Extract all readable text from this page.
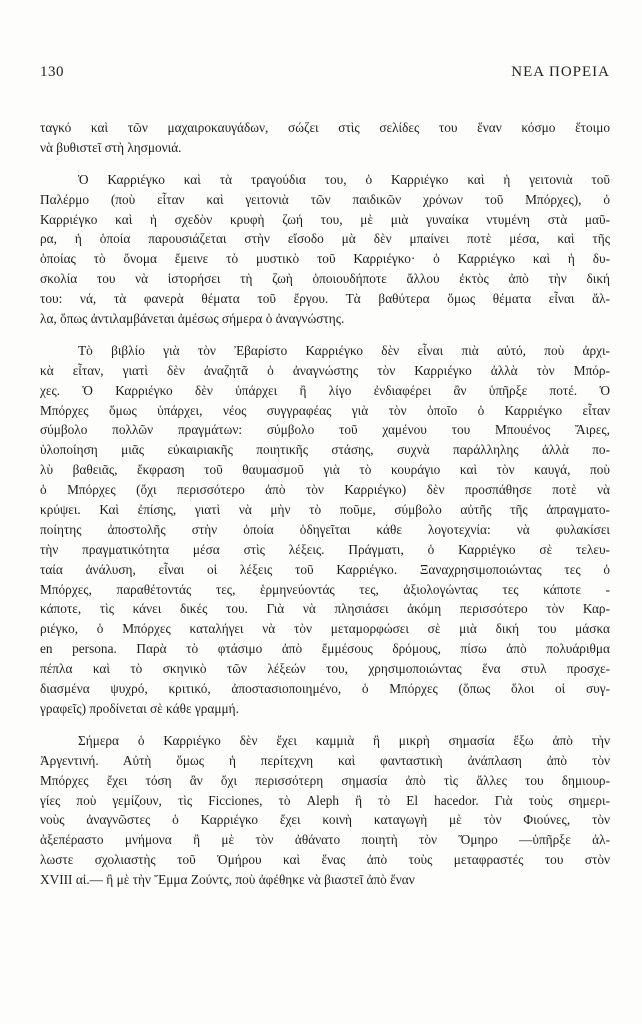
130	ΝΕΑ ΠΟΡΕΙΑ
ταγκό καὶ τῶν μαχαιροκαυγάδων, σώζει στὶς σελίδες του ἕναν κόσμο ἕτοιμο
νὰ βυθιστεῖ στὴ λησμονιά.
Ὁ Καρριέγκο καὶ τὰ τραγούδια του, ὁ Καρριέγκο καὶ ἡ γειτονιὰ τοῦ
Παλέρμο (ποὺ εἶταν καὶ γειτονιὰ τῶν παιδικῶν χρόνων τοῦ Μπόρχες), ὁ
Καρριέγκο καὶ ἡ σχεδὸν κρυφὴ ζωή του, μὲ μιὰ γυναίκα ντυμένη στὰ μαῦ-
ρα, ἡ ὁποία παρουσιάζεται στὴν εἴσοδο μὰ δὲν μπαίνει ποτὲ μέσα, καὶ τῆς
ὁποίας τὸ ὄνομα ἔμεινε τὸ μυστικὸ τοῦ Καρριέγκο· ὁ Καρριέγκο καὶ ἡ δυ-
σκολία του νὰ ἱστορήσει τὴ ζωὴ ὁποιουδήποτε ἄλλου ἐκτὸς ἀπὸ τὴν δική
του: νά, τὰ φανερὰ θέματα τοῦ ἔργου. Τὰ βαθύτερα ὅμως θέματα εἶναι ἄλ-
λα, ὅπως ἀντιλαμβάνεται ἀμέσως σήμερα ὁ ἀναγνώστης.
Τὸ βιβλίο γιὰ τὸν Ἐβαρίστο Καρριέγκο δὲν εἶναι πιὰ αὐτό, ποὺ ἀρχι-
κὰ εἶταν, γιατὶ δὲν ἀναζητᾶ ὁ ἀναγνώστης τὸν Καρριέγκο ἀλλὰ τὸν Μπόρ-
χες. Ὁ Καρριέγκο δὲν ὑπάρχει ἢ λίγο ἐνδιαφέρει ἂν ὑπῆρξε ποτέ. Ὁ
Μπόρχες ὅμως ὑπάρχει, νέος συγγραφέας γιὰ τὸν ὁποῖο ὁ Καρριέγκο εἶταν
σύμβολο πολλῶν πραγμάτων: σύμβολο τοῦ χαμένου του Μπουένος Ἄιρες,
ὑλοποίηση μιᾶς εὐκαιριακῆς ποιητικῆς στάσης, συχνὰ παράλληλης ἀλλὰ πο-
λὺ βαθειᾶς, ἔκφραση τοῦ θαυμασμοῦ γιὰ τὸ κουράγιο καὶ τὸν καυγά, ποὺ
ὁ Μπόρχες (ὄχι περισσότερο ἀπὸ τὸν Καρριέγκο) δὲν προσπάθησε ποτὲ νὰ
κρύψει. Καὶ ἐπίσης, γιατὶ νὰ μὴν τὸ ποῦμε, σύμβολο αὐτῆς τῆς ἀπραγματο-
ποίητης ἀποστολῆς στὴν ὁποία ὁδηγεῖται κάθε λογοτεχνία: νὰ φυλακίσει
τὴν πραγματικότητα μέσα στὶς λέξεις. Πράγματι, ὁ Καρριέγκο σὲ τελευ-
ταία ἀνάλυση, εἶναι οἱ λέξεις τοῦ Καρριέγκο. Ξαναχρησιμοποιώντας τες ὁ
Μπόρχες, παραθέτοντάς τες, ἑρμηνεύοντάς τες, ἀξιολογώντας τες κάποτε -
κάποτε, τὶς κάνει δικές του. Γιὰ νὰ πλησιάσει ἀκόμη περισσότερο τὸν Καρ-
ριέγκο, ὁ Μπόρχες καταλήγει νὰ τὸν μεταμορφώσει σὲ μιὰ δική του μάσκα
en persona. Παρὰ τὸ φτάσιμο ἀπὸ ἔμμέσους δρόμους, πίσω ἀπὸ πολυάριθμα
πέπλα καὶ τὸ σκηνικὸ τῶν λέξεών του, χρησιμοποιώντας ἕνα στυλ προσχε-
διασμένα ψυχρό, κριτικό, ἀποστασιοποιημένο, ὁ Μπόρχες (ὅπως ὅλοι οἱ συγ-
γραφεῖς) προδίνεται σὲ κάθε γραμμή.
Σήμερα ὁ Καρριέγκο δὲν ἔχει καμμιὰ ἢ μικρὴ σημασία ἔξω ἀπὸ τὴν
Ἀργεντινή. Αὐτὴ ὅμως ἡ περίτεχνη καὶ φανταστικὴ ἀνάπλαση ἀπὸ τὸν
Μπόρχες ἔχει τόση ἂν ὄχι περισσότερη σημασία ἀπὸ τὶς ἄλλες του δημιουρ-
γίες ποὺ γεμίζουν, τὶς Ficciones, τὸ Aleph ἢ τὸ El hacedor. Γιὰ τοὺς σημερι-
νοὺς ἀναγνῶστες ὁ Καρριέγκο ἔχει κοινὴ καταγωγὴ μὲ τὸν Φιούνες, τὸν
ἀξεπέραστο μνήμονα ἢ μὲ τὸν ἀθάνατο ποιητὴ τὸν Ὅμηρο —ὑπῆρξε ἀλ-
λωστε σχολιαστὴς τοῦ Ὁμήρου καὶ ἕνας ἀπὸ τοὺς μεταφραστές του στὸν
XVIII αἰ.— ἢ μὲ τὴν Ἔμμα Ζούντς, ποὺ ἀφέθηκε νὰ βιαστεῖ ἀπὸ ἕναν
